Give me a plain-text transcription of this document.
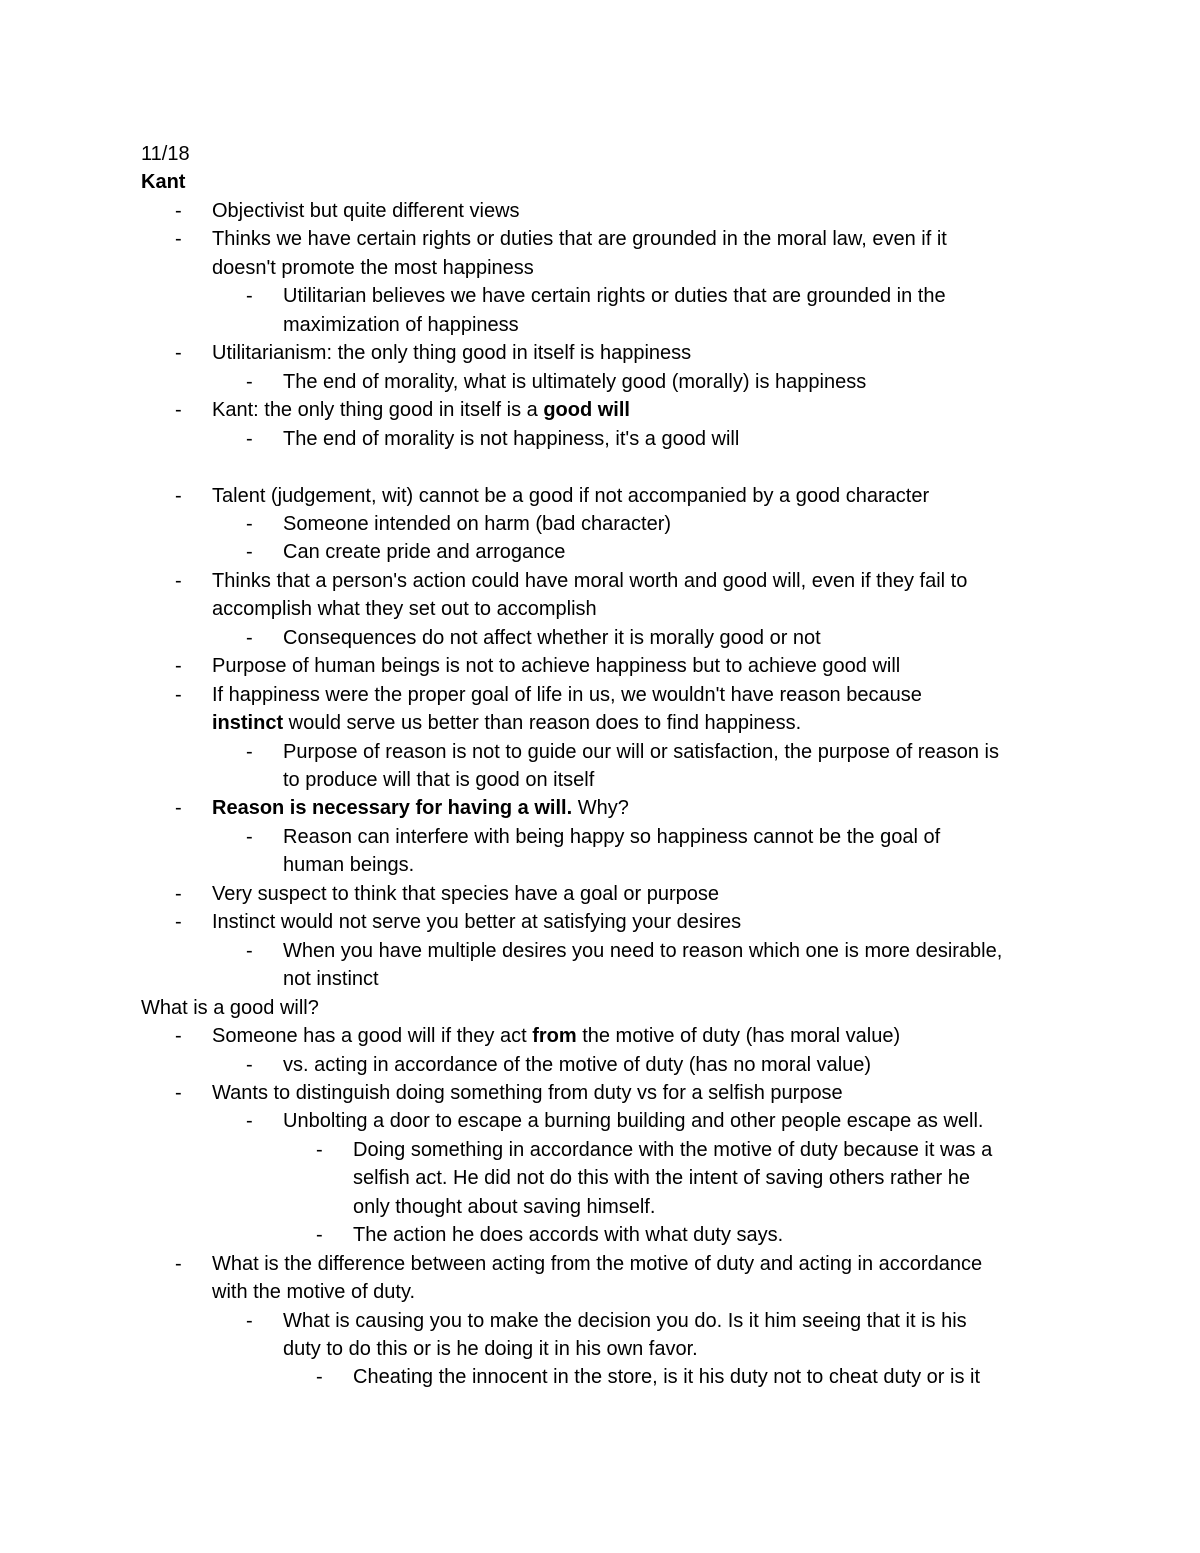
11/18
Kant
- Objectivist but quite different views
- Thinks we have certain rights or duties that are grounded in the moral law, even if it
doesn't promote the most happiness
- Utilitarian believes we have certain rights or duties that are grounded in the
maximization of happiness
- Utilitarianism: the only thing good in itself is happiness
- The end of morality, what is ultimately good (morally) is happiness
- Kant: the only thing good in itself is a good will
- The end of morality is not happiness, it's a good will
- Talent (judgement, wit) cannot be a good if not accompanied by a good character
- Someone intended on harm (bad character)
- Can create pride and arrogance
- Thinks that a person's action could have moral worth and good will, even if they fail to
accomplish what they set out to accomplish
- Consequences do not affect whether it is morally good or not
- Purpose of human beings is not to achieve happiness but to achieve good will
- If happiness were the proper goal of life in us, we wouldn't have reason because
instinct would serve us better than reason does to find happiness.
- Purpose of reason is not to guide our will or satisfaction, the purpose of reason is
to produce will that is good on itself
- Reason is necessary for having a will. Why?
- Reason can interfere with being happy so happiness cannot be the goal of
human beings.
- Very suspect to think that species have a goal or purpose
- Instinct would not serve you better at satisfying your desires
- When you have multiple desires you need to reason which one is more desirable,
not instinct
What is a good will?
- Someone has a good will if they act from the motive of duty (has moral value)
- vs. acting in accordance of the motive of duty (has no moral value)
- Wants to distinguish doing something from duty vs for a selfish purpose
- Unbolting a door to escape a burning building and other people escape as well.
- Doing something in accordance with the motive of duty because it was a
selfish act. He did not do this with the intent of saving others rather he
only thought about saving himself.
- The action he does accords with what duty says.
- What is the difference between acting from the motive of duty and acting in accordance
with the motive of duty.
- What is causing you to make the decision you do. Is it him seeing that it is his
duty to do this or is he doing it in his own favor.
- Cheating the innocent in the store, is it his duty not to cheat duty or is it
